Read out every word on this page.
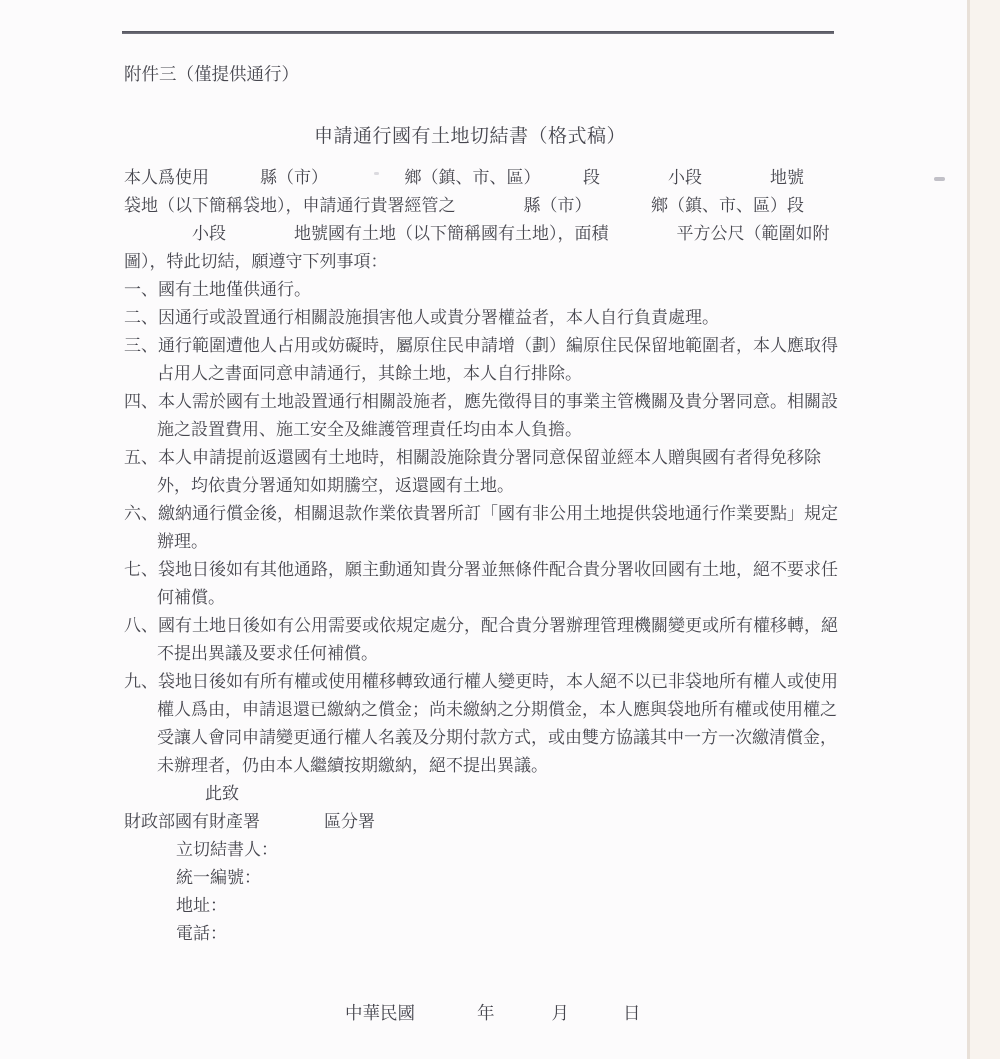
附件三（僅提供通行）
申請通行國有土地切結書（格式稿）
本人爲使用　　　縣（市）　　　　　鄉（鎮、市、區）　　　段　　　　小段　　　　地號
袋地（以下簡稱袋地），申請通行貴署經管之　　　　縣（市）　　　　鄉（鎮、市、區）段
　　　　小段　　　　地號國有土地（以下簡稱國有土地），面積　　　　平方公尺（範圍如附
圖），特此切結，願遵守下列事項：
一、國有土地僅供通行。
二、因通行或設置通行相關設施損害他人或貴分署權益者，本人自行負責處理。
三、通行範圍遭他人占用或妨礙時，屬原住民申請增（劃）編原住民保留地範圍者，本人應取得
占用人之書面同意申請通行，其餘土地，本人自行排除。
四、本人需於國有土地設置通行相關設施者，應先徵得目的事業主管機關及貴分署同意。相關設
施之設置費用、施工安全及維護管理責任均由本人負擔。
五、本人申請提前返還國有土地時，相關設施除貴分署同意保留並經本人贈與國有者得免移除
外，均依貴分署通知如期騰空，返還國有土地。
六、繳納通行償金後，相關退款作業依貴署所訂「國有非公用土地提供袋地通行作業要點」規定
辦理。
七、袋地日後如有其他通路，願主動通知貴分署並無條件配合貴分署收回國有土地，絕不要求任
何補償。
八、國有土地日後如有公用需要或依規定處分，配合貴分署辦理管理機關變更或所有權移轉，絕
不提出異議及要求任何補償。
九、袋地日後如有所有權或使用權移轉致通行權人變更時，本人絕不以已非袋地所有權人或使用
權人爲由，申請退還已繳納之償金；尚未繳納之分期償金，本人應與袋地所有權或使用權之
受讓人會同申請變更通行權人名義及分期付款方式，或由雙方協議其中一方一次繳清償金，
未辦理者，仍由本人繼續按期繳納，絕不提出異議。
此致
財政部國有財產署	區分署
立切結書人：
統一編號：
地址：
電話：
中華民國	年	月	日
